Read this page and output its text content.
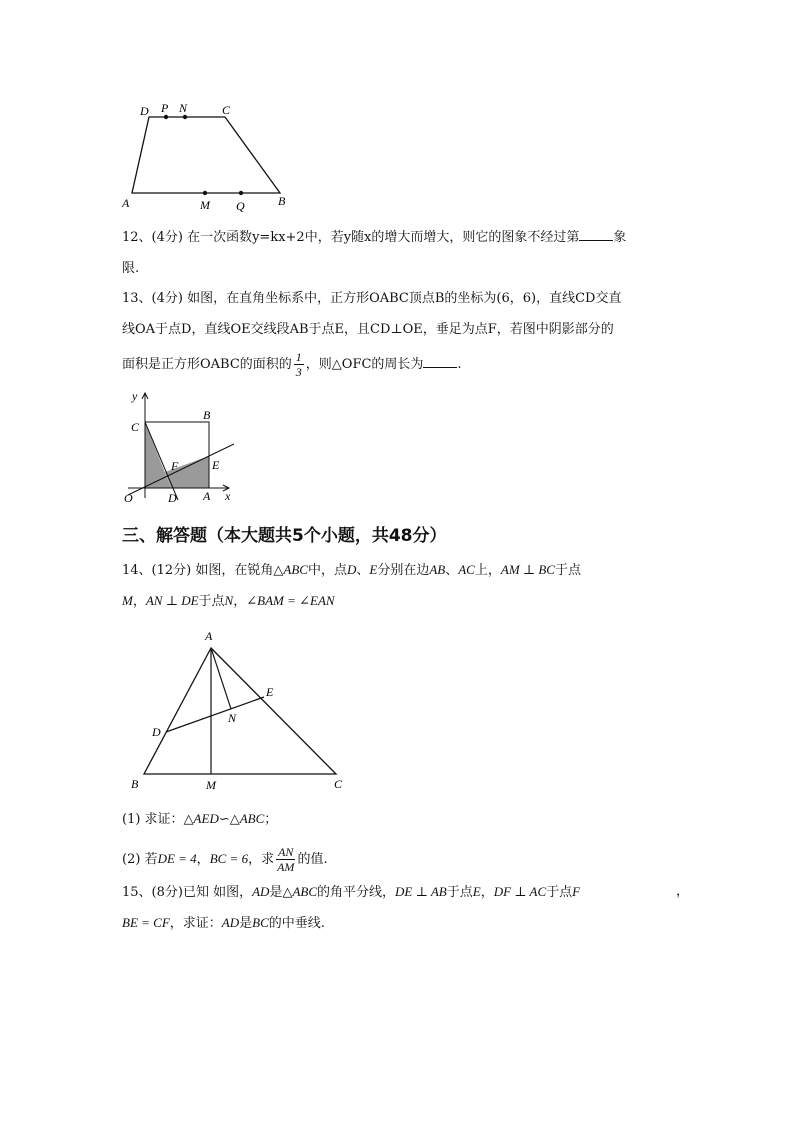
D P N	C
A	M Q	B
12、(4分) 在一次函数y=kx+2中，若y随x的增大而增大，则它的图象不经过第	象
限.
13、(4分) 如图，在直角坐标系中，正方形OABC顶点B的坐标为(6，6)，直线CD交直
线OA于点D，直线OE交线段AB于点E，且CD⊥OE，垂足为点F，若图中阴影部分的
面积是正方形OABC的面积的 $\frac{1}{3}$ ，则△OFC的周长为	.
y
x
O	A
B
C
D
E
F
三、解答题（本大题共5个小题，共48分）
14、(12分) 如图，在锐角△ABC中，点D、E分别在边AB、AC上，AM ⊥ BC于点
M，AN ⊥ DE于点N，∠BAM = ∠EAN
A
E
D
N
B	M	C
(1) 求证：△AED∽△ABC；
(2) 若DE = 4，BC = 6，求 $\frac{AN}{AM}$ 的值.
15、(8分)已知 如图，AD是△ABC的角平分线，DE ⊥ AB于点E，DF ⊥ AC于点F
BE = CF，求证：AD是BC的中垂线.
，
